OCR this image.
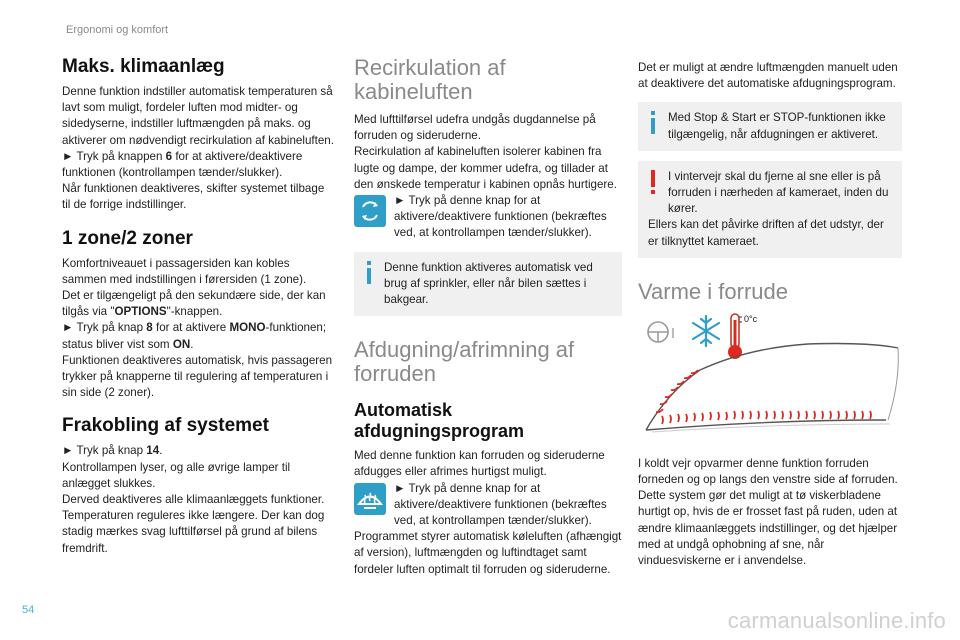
Ergonomi og komfort
Maks. klimaanlæg

Denne funktion indstiller automatisk temperaturen så lavt som muligt, fordeler luften mod midter- og sidedyserne, indstiller luftmængden på maks. og aktiverer om nødvendigt recirkulation af kabineluften.

► Tryk på knappen 6 for at aktivere/deaktivere funktionen (kontrollampen tænder/slukker).

Når funktionen deaktiveres, skifter systemet tilbage til de forrige indstillinger.

1 zone/2 zoner

Komfortniveauet i passagersiden kan kobles sammen med indstillingen i førersiden (1 zone).

Det er tilgængeligt på den sekundære side, der kan tilgås via "OPTIONS"-knappen.

► Tryk på knap 8 for at aktivere MONO-funktionen; status bliver vist som ON.

Funktionen deaktiveres automatisk, hvis passageren trykker på knapperne til regulering af temperaturen i sin side (2 zoner).

Frakobling af systemet

► Tryk på knap 14.

Kontrollampen lyser, og alle øvrige lamper til anlægget slukkes.

Derved deaktiveres alle klimaanlæggets funktioner.

Temperaturen reguleres ikke længere. Der kan dog stadig mærkes svag lufttilførsel på grund af bilens fremdrift.

Recirkulation af kabineluften

Med lufttilførsel udefra undgås dugdannelse på forruden og sideruderne.

Recirkulation af kabineluften isolerer kabinen fra lugte og dampe, der kommer udefra, og tillader at den ønskede temperatur i kabinen opnås hurtigere.

► Tryk på denne knap for at aktivere/deaktivere funktionen (bekræftes ved, at kontrollampen tænder/slukker).

Denne funktion aktiveres automatisk ved brug af sprinkler, eller når bilen sættes i bakgear.

Afdugning/afrimning af forruden
Automatisk afdugningsprogram

Med denne funktion kan forruden og sideruderne afdugges eller afrimes hurtigst muligt.

► Tryk på denne knap for at aktivere/deaktivere funktionen (bekræftes ved, at kontrollampen tænder/slukker).

Programmet styrer automatisk køleluften (afhængigt af version), luftmængden og luftindtaget samt fordeler luften optimalt til forruden og sideruderne.

Det er muligt at ændre luftmængden manuelt uden at deaktivere det automatiske afdugningsprogram.

Med Stop & Start er STOP-funktionen ikke tilgængelig, når afdugningen er aktiveret.

I vintervejr skal du fjerne al sne eller is på forruden i nærheden af kameraet, inden du kører.

Ellers kan det påvirke driften af det udstyr, der er tilknyttet kameraet.

Varme i forrude
0°c

I koldt vejr opvarmer denne funktion forruden forneden og op langs den venstre side af forruden.

Dette system gør det muligt at tø viskerbladene hurtigt op, hvis de er frosset fast på ruden, uden at ændre klimaanlæggets indstillinger, og det hjælper med at undgå ophobning af sne, når vinduesviskerne er i anvendelse.

54	carmanualsonline.info
